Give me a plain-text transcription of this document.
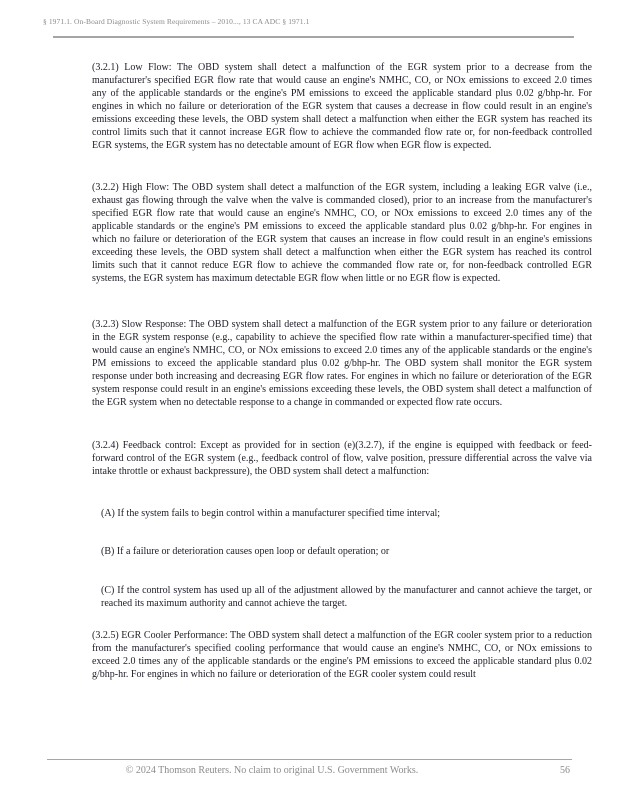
§ 1971.1. On-Board Diagnostic System Requirements – 2010..., 13 CA ADC § 1971.1

(3.2.1) Low Flow: The OBD system shall detect a malfunction of the EGR system prior to a decrease from the manufacturer's specified EGR flow rate that would cause an engine's NMHC, CO, or NOx emissions to exceed 2.0 times any of the applicable standards or the engine's PM emissions to exceed the applicable standard plus 0.02 g/bhp-hr. For engines in which no failure or deterioration of the EGR system that causes a decrease in flow could result in an engine's emissions exceeding these levels, the OBD system shall detect a malfunction when either the EGR system has reached its control limits such that it cannot increase EGR flow to achieve the commanded flow rate or, for non-feedback controlled EGR systems, the EGR system has no detectable amount of EGR flow when EGR flow is expected.

(3.2.2) High Flow: The OBD system shall detect a malfunction of the EGR system, including a leaking EGR valve (i.e., exhaust gas flowing through the valve when the valve is commanded closed), prior to an increase from the manufacturer's specified EGR flow rate that would cause an engine's NMHC, CO, or NOx emissions to exceed 2.0 times any of the applicable standards or the engine's PM emissions to exceed the applicable standard plus 0.02 g/bhp-hr. For engines in which no failure or deterioration of the EGR system that causes an increase in flow could result in an engine's emissions exceeding these levels, the OBD system shall detect a malfunction when either the EGR system has reached its control limits such that it cannot reduce EGR flow to achieve the commanded flow rate or, for non-feedback controlled EGR systems, the EGR system has maximum detectable EGR flow when little or no EGR flow is expected.

(3.2.3) Slow Response: The OBD system shall detect a malfunction of the EGR system prior to any failure or deterioration in the EGR system response (e.g., capability to achieve the specified flow rate within a manufacturer-specified time) that would cause an engine's NMHC, CO, or NOx emissions to exceed 2.0 times any of the applicable standards or the engine's PM emissions to exceed the applicable standard plus 0.02 g/bhp-hr. The OBD system shall monitor the EGR system response under both increasing and decreasing EGR flow rates. For engines in which no failure or deterioration of the EGR system response could result in an engine's emissions exceeding these levels, the OBD system shall detect a malfunction of the EGR system when no detectable response to a change in commanded or expected flow rate occurs.

(3.2.4) Feedback control: Except as provided for in section (e)(3.2.7), if the engine is equipped with feedback or feed-forward control of the EGR system (e.g., feedback control of flow, valve position, pressure differential across the valve via intake throttle or exhaust backpressure), the OBD system shall detect a malfunction:

(A) If the system fails to begin control within a manufacturer specified time interval;

(B) If a failure or deterioration causes open loop or default operation; or

(C) If the control system has used up all of the adjustment allowed by the manufacturer and cannot achieve the target, or reached its maximum authority and cannot achieve the target.

(3.2.5) EGR Cooler Performance: The OBD system shall detect a malfunction of the EGR cooler system prior to a reduction from the manufacturer's specified cooling performance that would cause an engine's NMHC, CO, or NOx emissions to exceed 2.0 times any of the applicable standards or the engine's PM emissions to exceed the applicable standard plus 0.02 g/bhp-hr. For engines in which no failure or deterioration of the EGR cooler system could result

© 2024 Thomson Reuters. No claim to original U.S. Government Works.	56
